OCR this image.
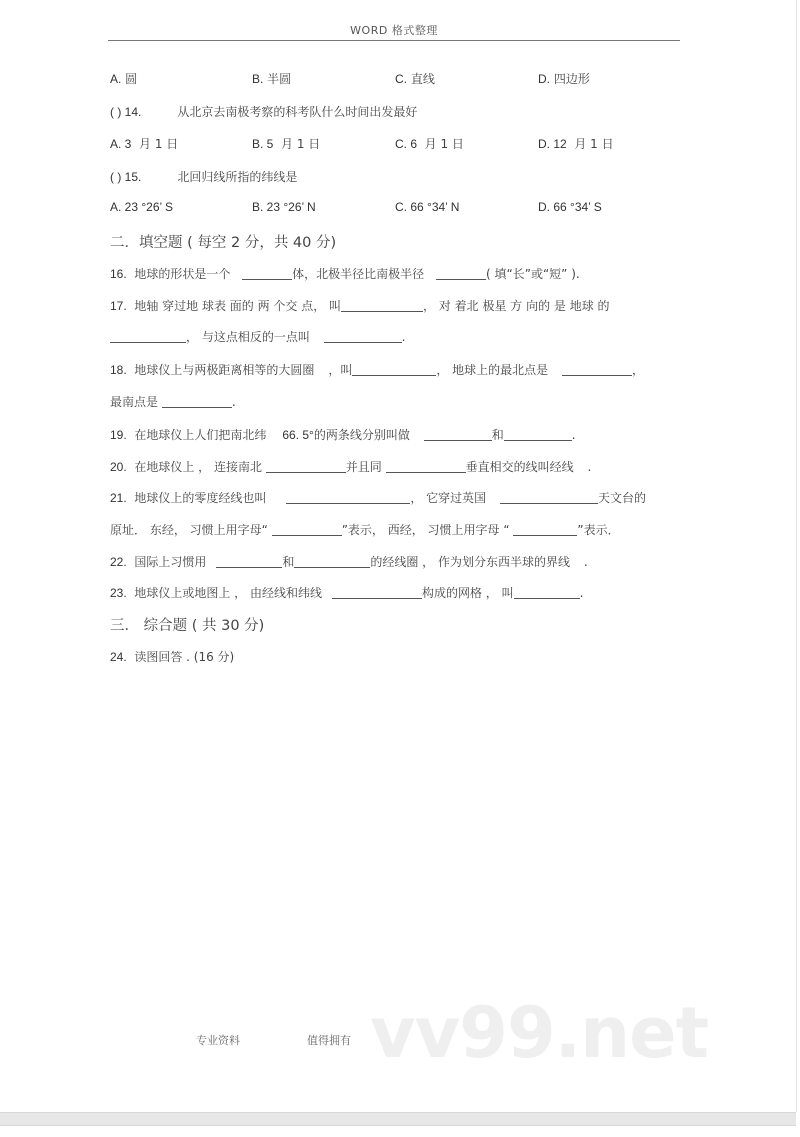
WORD 格式整理
A. 圆	B. 半圆	C. 直线	D. 四边形
( ) 14.	从北京去南极考察的科考队什么时间出发最好
A. 3 月 1 日	B. 5 月 1 日	C. 6 月 1 日	D. 12 月 1 日
( ) 15.	北回归线所指的纬线是
A. 23 °26’ S	B. 23 °26’ N	C. 66 °34’ N	D. 66 °34’ S
二．填空题 ( 每空 2 分，共 40 分)
16. 地球的形状是一个	体，北极半径比南极半径	( 填“长”或“短” ).
17. 地轴 穿过地 球表 面的 两 个交 点， 叫	， 对 着北 极星 方 向的 是 地球 的
， 与这点相反的一点叫	.
18. 地球仪上与两极距离相等的大圆圈 ，叫	， 地球上的最北点是	，
最南点是	.
19. 在地球仪上人们把南北纬 66. 5°的两条线分别叫做	和	.
20. 在地球仪上 ， 连接南北	并且同	垂直相交的线叫经线 .
21. 地球仪上的零度经线也叫	， 它穿过英国	天文台的
原址． 东经， 习惯上用字母“	”表示， 西经， 习惯上用字母 “	”表示．
22. 国际上习惯用	和	的经线圈 ， 作为划分东西半球的界线 .
23. 地球仪上或地图上 ， 由经线和纬线	构成的网格 ， 叫	.
三． 综合题 ( 共 30 分)
24. 读图回答 . (16 分)
vv99.net
专业资料	值得拥有
